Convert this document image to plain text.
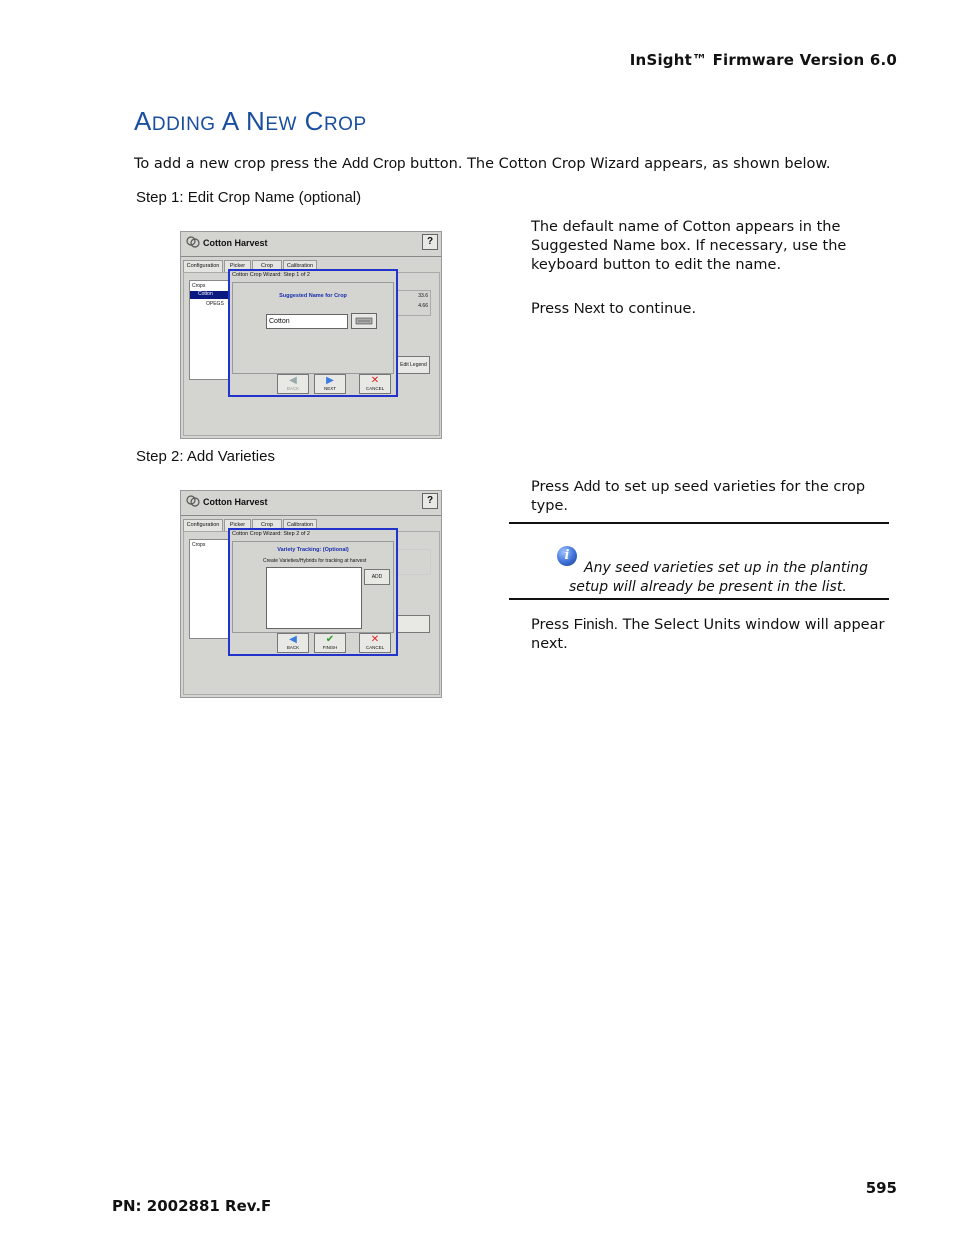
InSight™ Firmware Version 6.0
ADDING A NEW CROP
To add a new crop press the Add Crop button. The Cotton Crop Wizard appears, as shown below.
Step 1: Edit Crop Name (optional)
The default name of Cotton appears in the Suggested Name box. If necessary, use the keyboard button to edit the name.
Press Next to continue.
Cotton Harvest	?
Configuration	Picker	Crop	Calibration
Crops
Cotton
OPEGS
33.6
4.66
Edit Legend
Cotton Crop Wizard: Step 1 of 2
Suggested Name for Crop
Cotton
◀
BACK
▶
NEXT
✕
CANCEL
Step 2: Add Varieties
Press Add to set up seed varieties for the crop type.
i
Any seed varieties set up in the planting setup will already be present in the list.
Press Finish. The Select Units window will appear next.
Cotton Harvest	?
Configuration	Picker	Crop	Calibration
Crops
Cotton Crop Wizard: Step 2 of 2
Variety Tracking: (Optional)
Create Varieties/Hybrids for tracking at harvest
ADD
◀
BACK
✔
FINISH
✕
CANCEL
595
PN: 2002881 Rev.F
